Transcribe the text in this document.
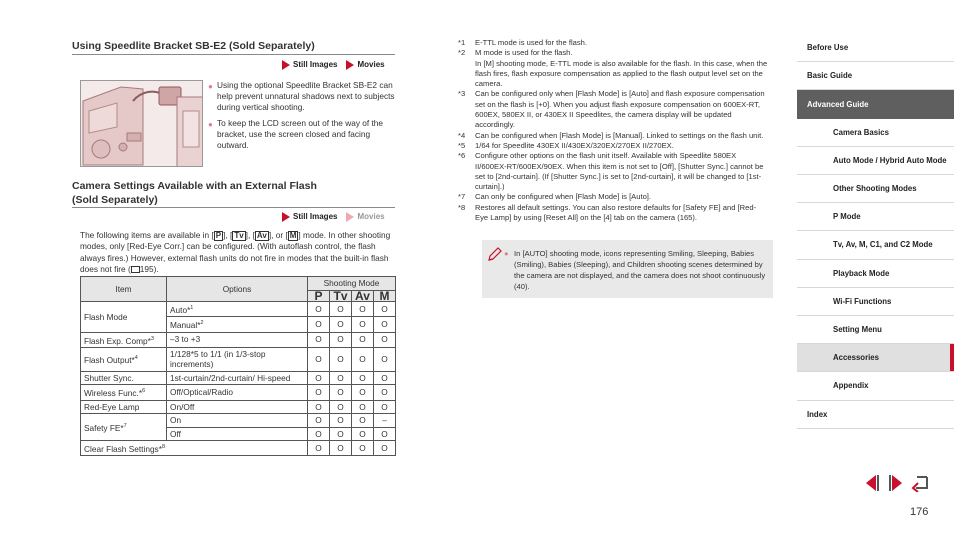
Using Speedlite Bracket SB-E2 (Sold Separately)
Still Images	Movies
● Using the optional Speedlite Bracket SB-E2 can help prevent unnatural shadows next to subjects during vertical shooting.
● To keep the LCD screen out of the way of the bracket, use the screen closed and facing outward.
Camera Settings Available with an External Flash
(Sold Separately)
Still Images	Movies
The following items are available in [ P ], [ Tv ], [ Av ], or [ M ] mode. In other shooting modes, only [Red-Eye Corr.] can be configured. (With autoflash control, the flash always fires.) However, external flash units do not fire in modes that the built-in flash does not fire ( 195).
Item	Options	Shooting Mode			
		P	Tv	Av	M
Flash Mode	Auto*$^1$	O	O	O	O
	Manual*$^2$	O	O	O	O
Flash Exp. Comp*$^3$	–3 to +3	O	O	O	O
Flash Output*$^4$	1/128*5 to 1/1 (in 1/3-stop increments)	O	O	O	O
Shutter Sync.	1st-curtain/2nd-curtain/ Hi-speed	O	O	O	O
Wireless Func.*$^6$	Off/Optical/Radio	O	O	O	O
Red-Eye Lamp	On/Off	O	O	O	O
Safety FE*$^7$	On	O	O	O	–
	Off	O	O	O	O
Clear Flash Settings*$^8$		O	O	O	O
*1	E-TTL mode is used for the flash.
*2	M mode is used for the flash.
In [M] shooting mode, E-TTL mode is also available for the flash. In this case, when the flash fires, flash exposure compensation as applied to the flash output level set on the camera.
*3	Can be configured only when [Flash Mode] is [Auto] and flash exposure compensation set on the flash is [+0]. When you adjust flash exposure compensation on 600EX-RT, 600EX, 580EX II, or 430EX II Speedlites, the camera display will be updated accordingly.
*4	Can be configured when [Flash Mode] is [Manual]. Linked to settings on the flash unit.
*5	1/64 for Speedlite 430EX II/430EX/320EX/270EX II/270EX.
*6	Configure other options on the flash unit itself. Available with Speedlite 580EX II/600EX-RT/600EX/90EX. When this item is not set to [Off], [Shutter Sync.] cannot be set to [2nd-curtain]. (If [Shutter Sync.] is set to [2nd-curtain], it will be changed to [1st-curtain].)
*7	Can only be configured when [Flash Mode] is [Auto].
*8	Restores all default settings. You can also restore defaults for [Safety FE] and [Red-Eye Lamp] by using [Reset All] on the [4] tab on the camera (165).
● In [AUTO] shooting mode, icons representing Smiling, Sleeping, Babies (Smiling), Babies (Sleeping), and Children shooting scenes determined by the camera are not displayed, and the camera does not shoot continuously (40).
Before Use
Basic Guide
Advanced Guide
Camera Basics
Auto Mode / Hybrid Auto Mode
Other Shooting Modes
P Mode
Tv, Av, M, C1, and C2 Mode
Playback Mode
Wi-Fi Functions
Setting Menu
Accessories
Appendix
Index
176
